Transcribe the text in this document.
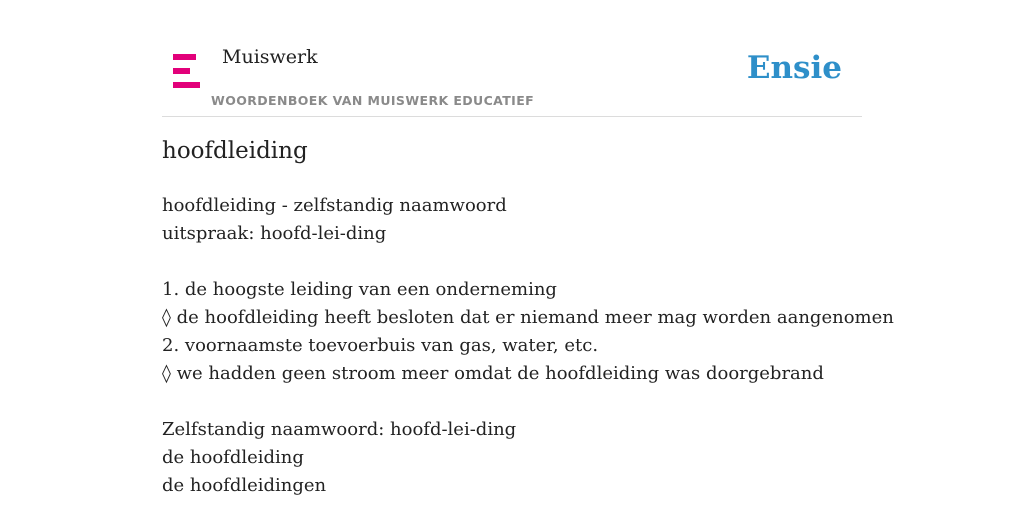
Muiswerk
WOORDENBOEK VAN MUISWERK EDUCATIEF
Ensie
hoofdleiding
hoofdleiding - zelfstandig naamwoord
uitspraak: hoofd-lei-ding
1. de hoogste leiding van een onderneming
◊ de hoofdleiding heeft besloten dat er niemand meer mag worden aangenomen
2. voornaamste toevoerbuis van gas, water, etc.
◊ we hadden geen stroom meer omdat de hoofdleiding was doorgebrand
Zelfstandig naamwoord: hoofd-lei-ding
de hoofdleiding
de hoofdleidingen
